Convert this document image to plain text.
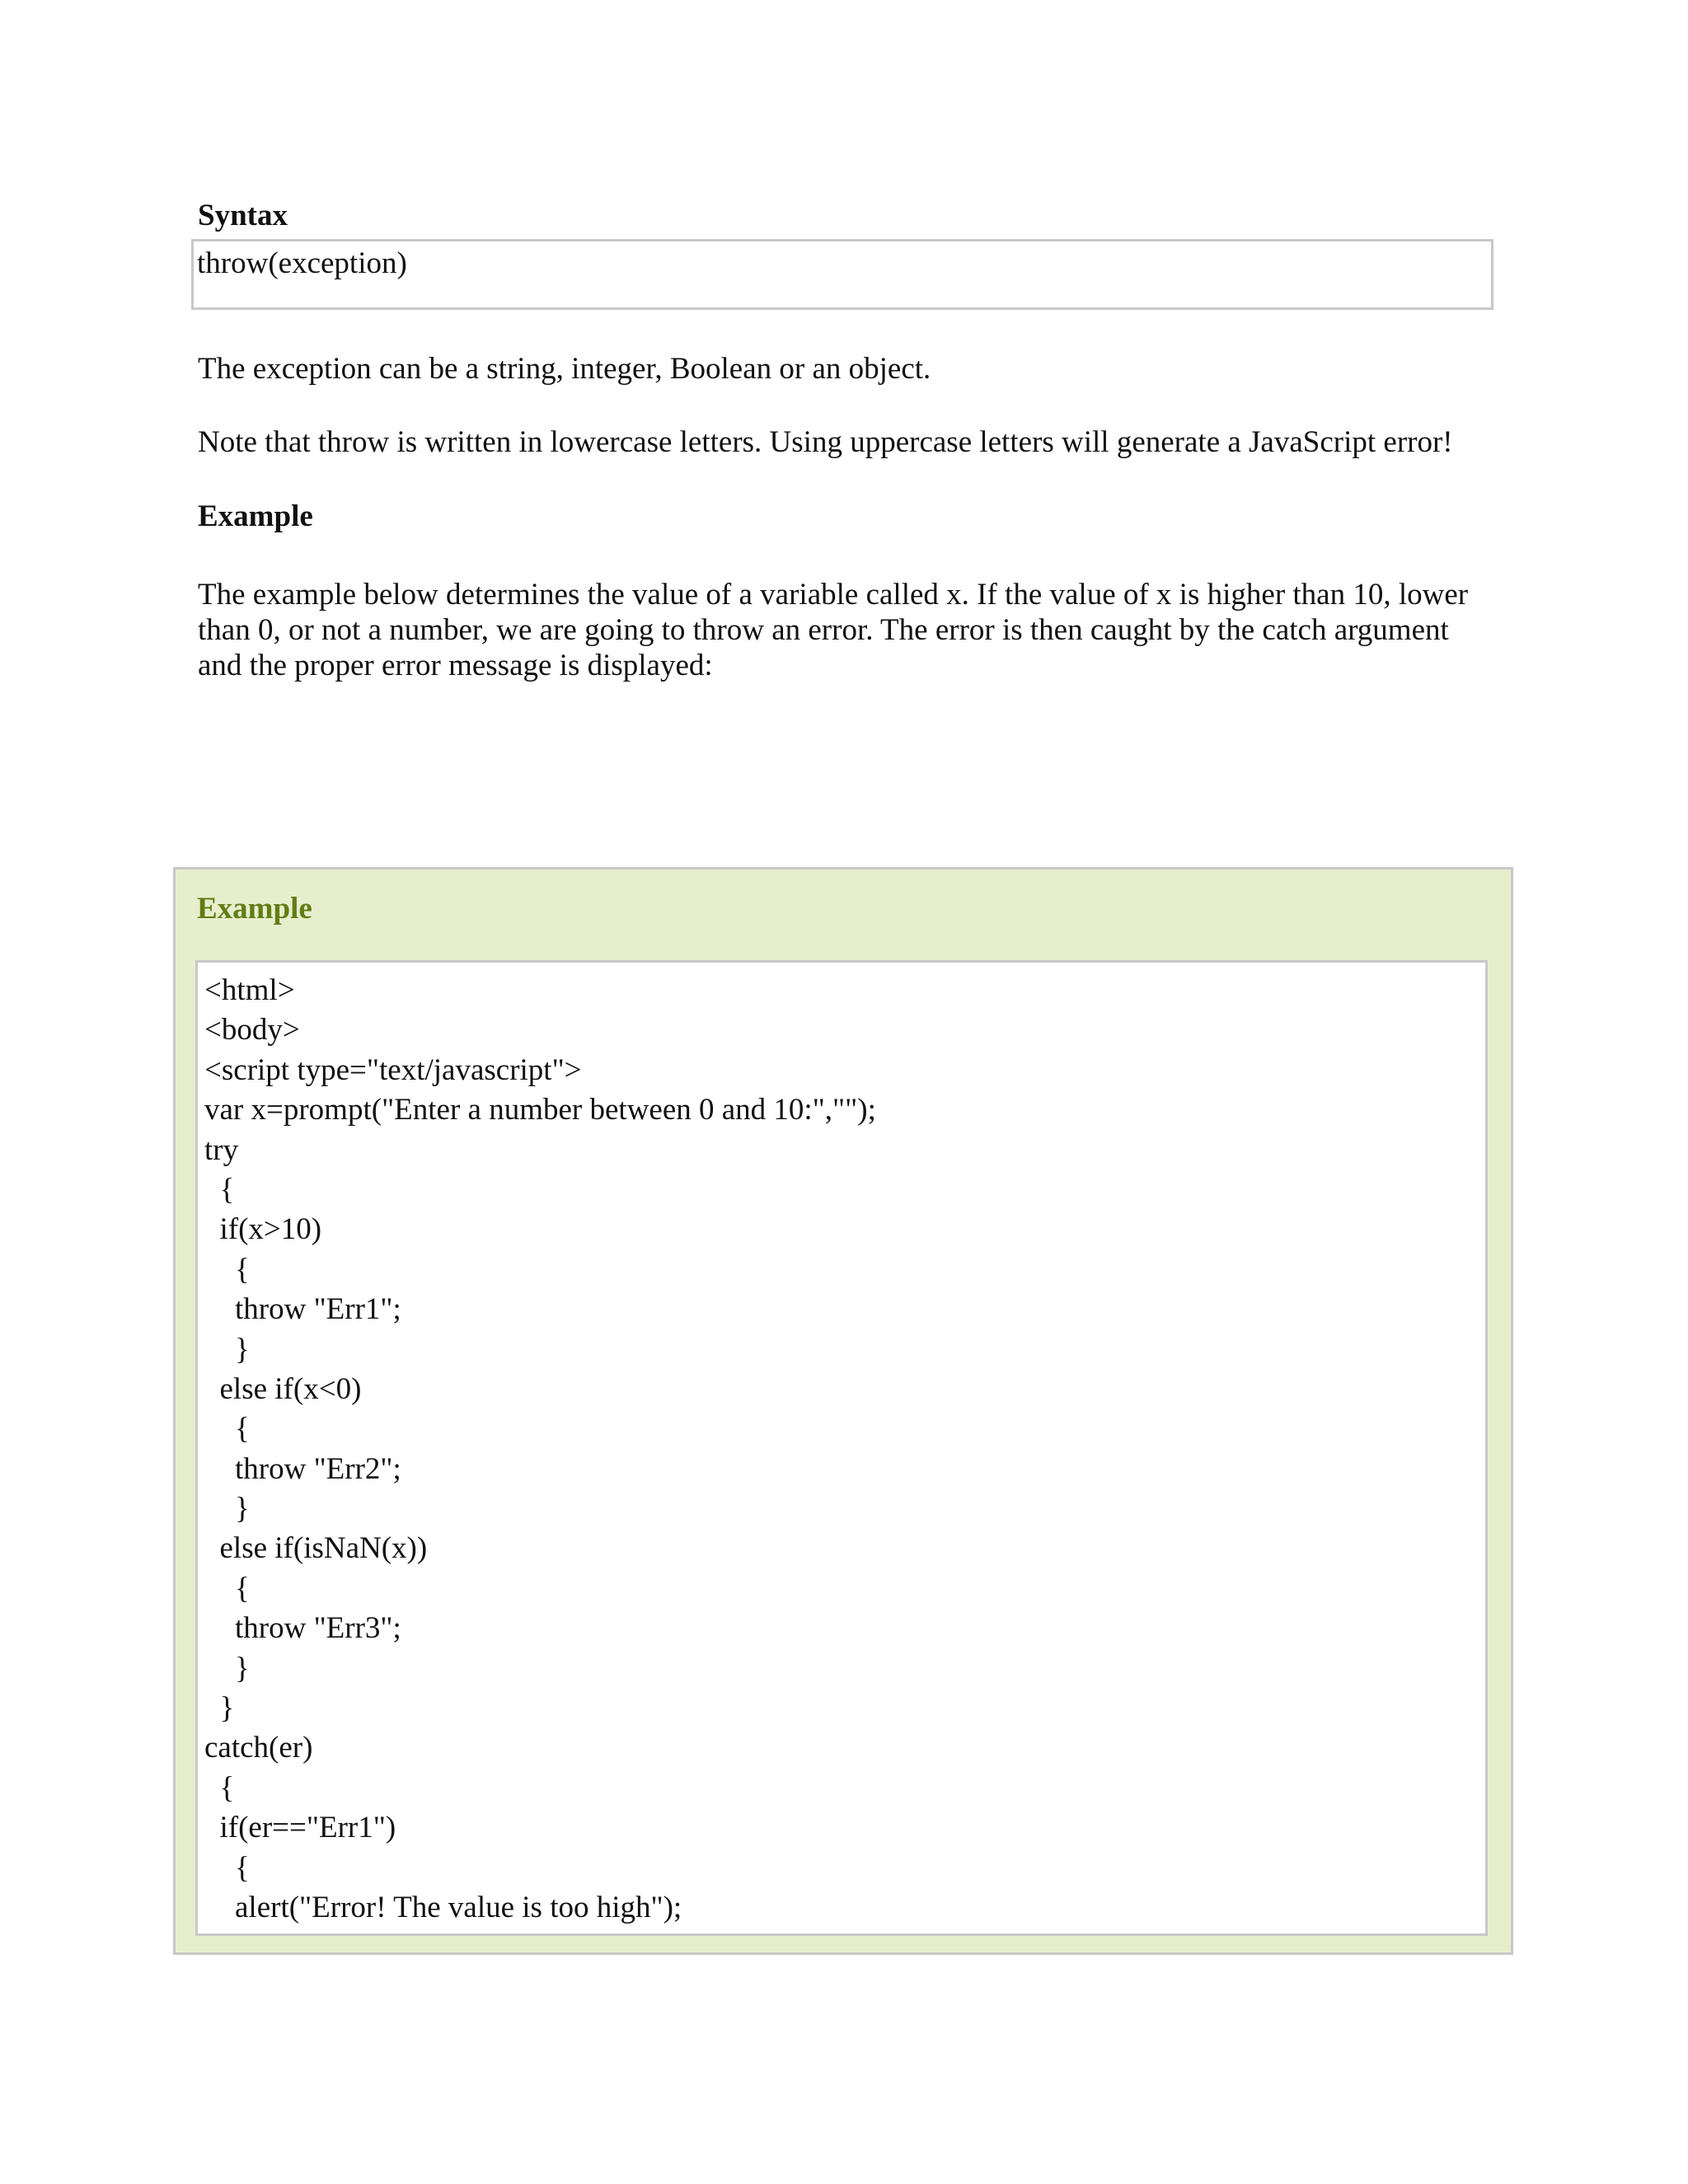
Syntax
throw(exception)

The exception can be a string, integer, Boolean or an object.

Note that throw is written in lowercase letters. Using uppercase letters will generate a JavaScript error!

Example

The example below determines the value of a variable called x. If the value of x is higher than 10, lower than 0, or not a number, we are going to throw an error. The error is then caught by the catch argument and the proper error message is displayed:

Example
<html>
<body>
<script type="text/javascript">
var x=prompt("Enter a number between 0 and 10:","");
try
{
if(x>10)
{
throw "Err1";
}
else if(x<0)
{
throw "Err2";
}
else if(isNaN(x))
{
throw "Err3";
}
}
catch(er)
{
if(er=="Err1")
{
alert("Error! The value is too high");
